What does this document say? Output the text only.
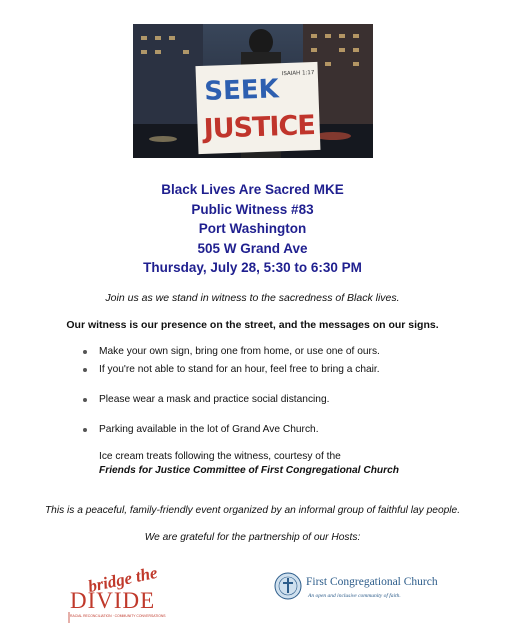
SEEK
JUSTICE
ISAIAH 1:17
Black Lives Are Sacred MKE
Public Witness #83
Port Washington
505 W Grand Ave
Thursday, July 28, 5:30 to 6:30 PM
Join us as we stand in witness to the sacredness of Black lives.
Our witness is our presence on the street, and the messages on our signs.
Make your own sign, bring one from home, or use one of ours.
If you're not able to stand for an hour, feel free to bring a chair.
Please wear a mask and practice social distancing.
Parking available in the lot of Grand Ave Church.
Ice cream treats following the witness, courtesy of the
Friends for Justice Committee of First Congregational Church
This is a peaceful, family-friendly event organized by an informal group of faithful lay people.
We are grateful for the partnership of our Hosts:
bridge the
DIVIDE
RACIAL RECONCILIATION · COMMUNITY CONVERSATIONS
First Congregational Church
An open and inclusive community of faith.
